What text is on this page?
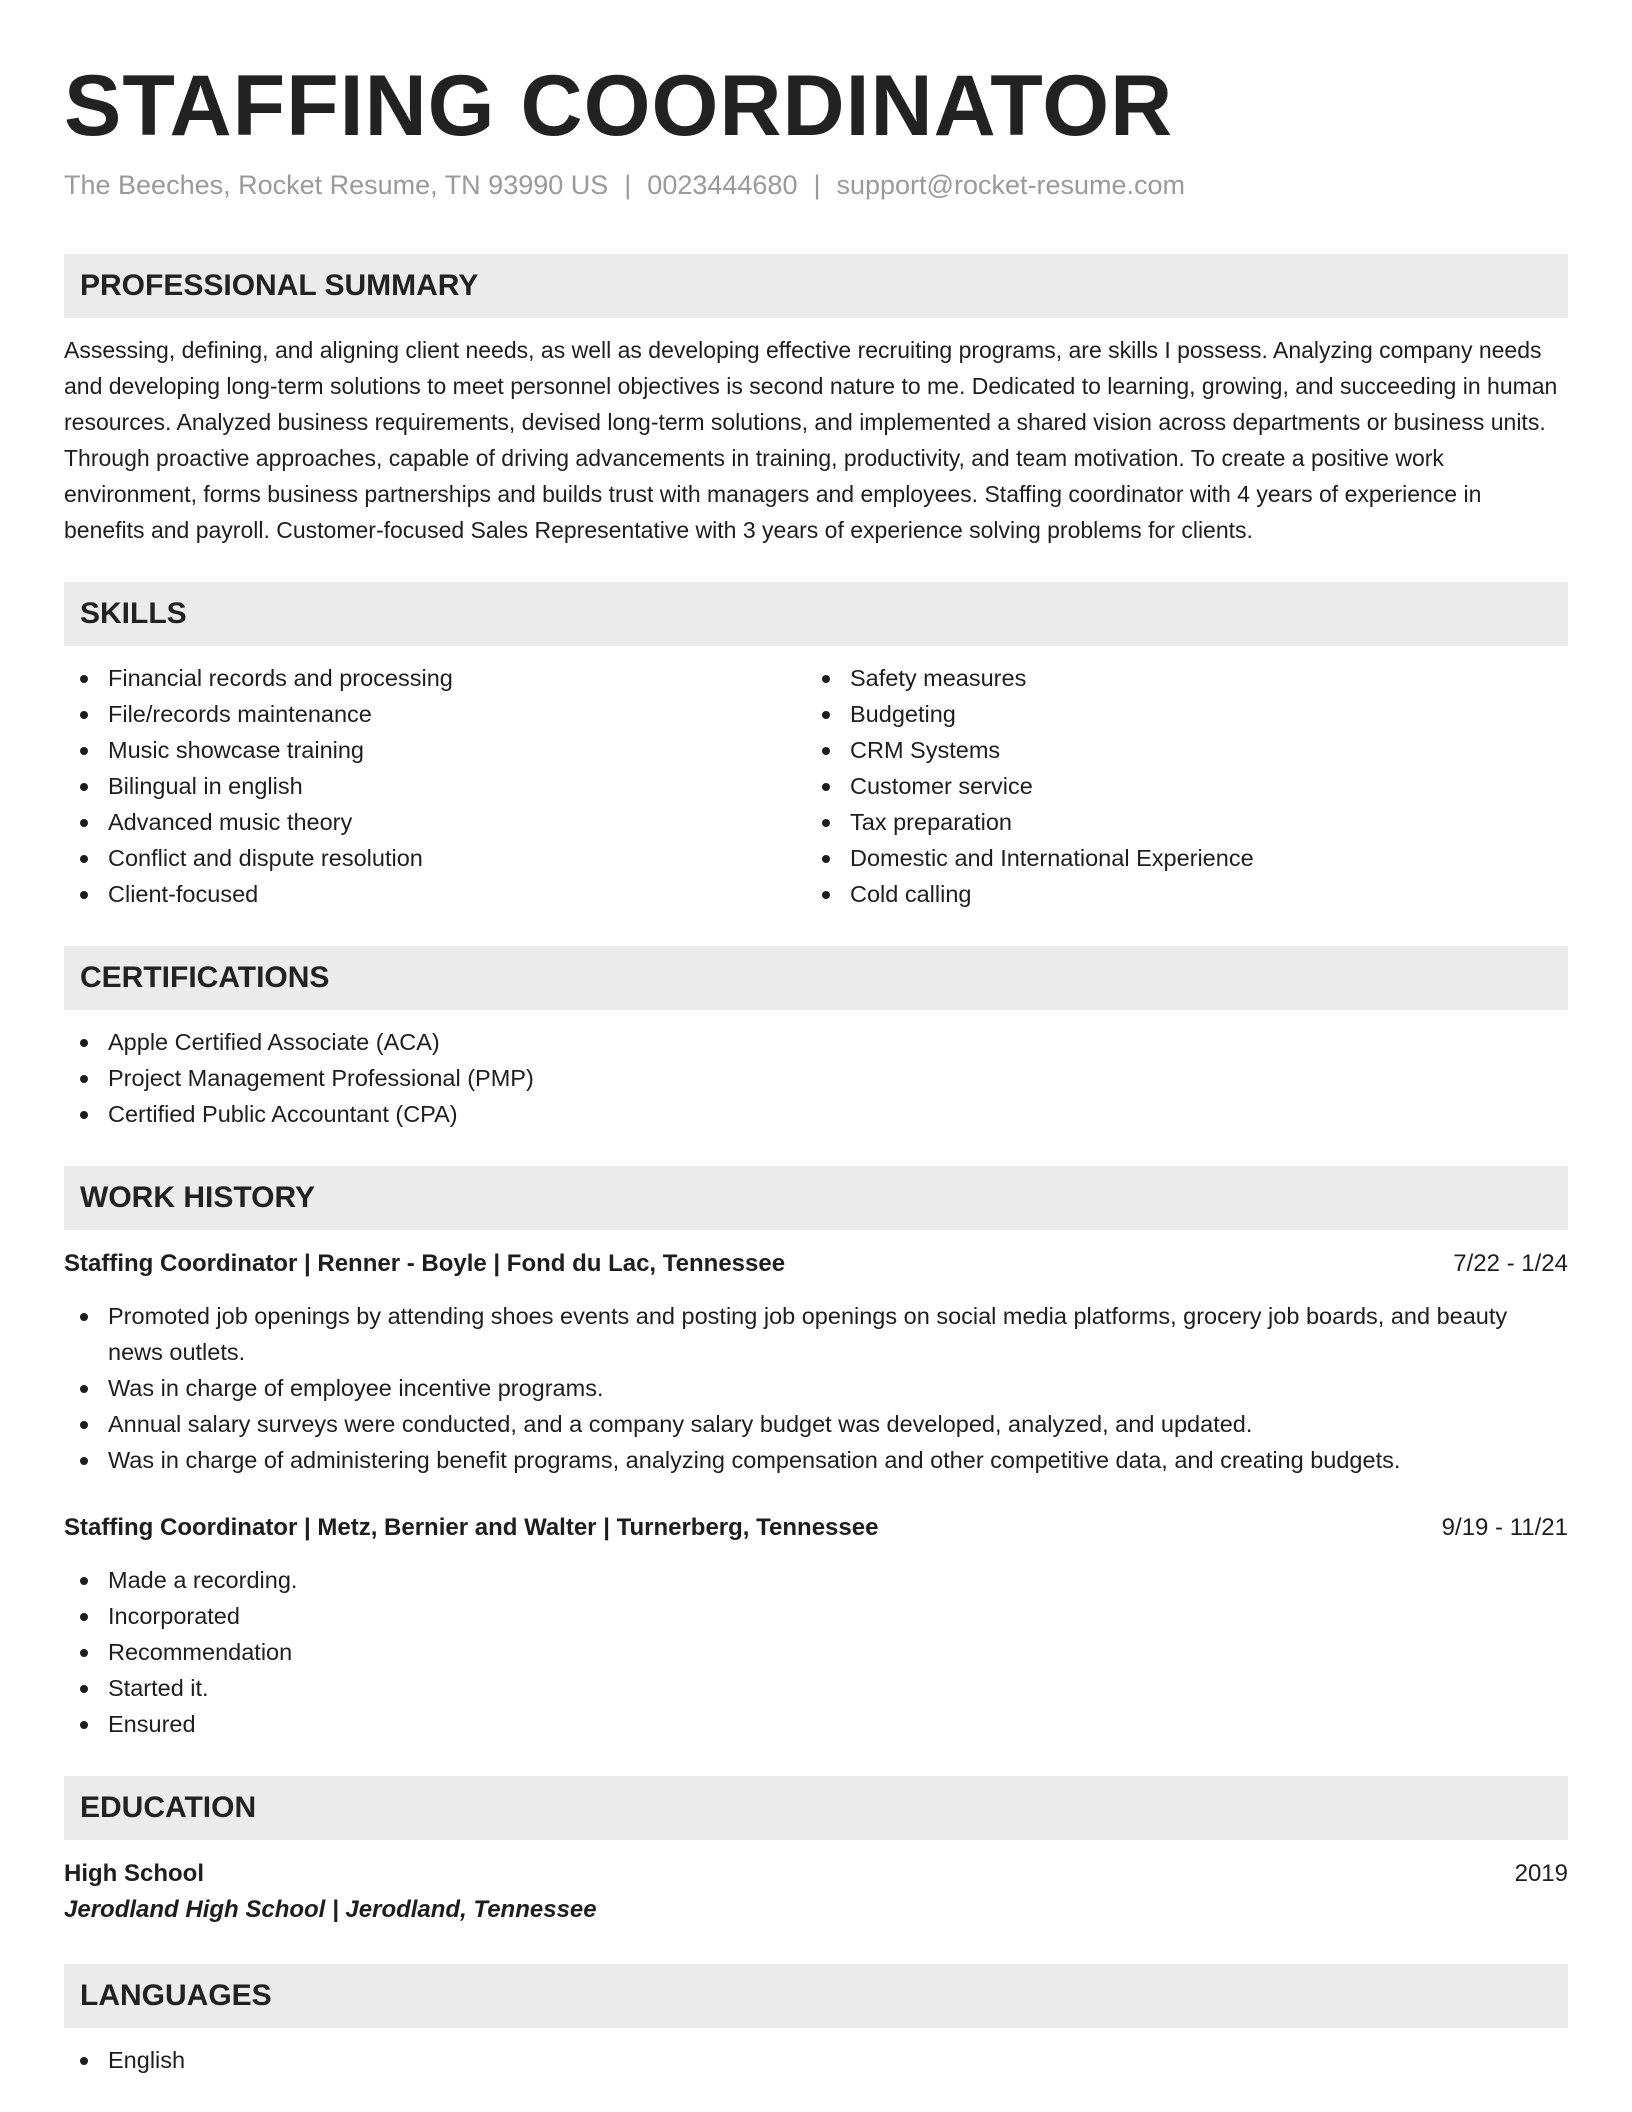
STAFFING COORDINATOR
The Beeches, Rocket Resume, TN 93990 US | 0023444680 | support@rocket-resume.com
PROFESSIONAL SUMMARY

Assessing, defining, and aligning client needs, as well as developing effective recruiting programs, are skills I possess. Analyzing company needs and developing long-term solutions to meet personnel objectives is second nature to me. Dedicated to learning, growing, and succeeding in human resources. Analyzed business requirements, devised long-term solutions, and implemented a shared vision across departments or business units. Through proactive approaches, capable of driving advancements in training, productivity, and team motivation. To create a positive work environment, forms business partnerships and builds trust with managers and employees. Staffing coordinator with 4 years of experience in benefits and payroll. Customer-focused Sales Representative with 3 years of experience solving problems for clients.

SKILLS
Financial records and processing
File/records maintenance
Music showcase training
Bilingual in english
Advanced music theory
Conflict and dispute resolution
Client-focused
Safety measures
Budgeting
CRM Systems
Customer service
Tax preparation
Domestic and International Experience
Cold calling
CERTIFICATIONS
Apple Certified Associate (ACA)
Project Management Professional (PMP)
Certified Public Accountant (CPA)
WORK HISTORY
Staffing Coordinator | Renner - Boyle | Fond du Lac, Tennessee	7/22 - 1/24
Promoted job openings by attending shoes events and posting job openings on social media platforms, grocery job boards, and beauty news outlets.
Was in charge of employee incentive programs.
Annual salary surveys were conducted, and a company salary budget was developed, analyzed, and updated.
Was in charge of administering benefit programs, analyzing compensation and other competitive data, and creating budgets.
Staffing Coordinator | Metz, Bernier and Walter | Turnerberg, Tennessee	9/19 - 11/21
Made a recording.
Incorporated
Recommendation
Started it.
Ensured
EDUCATION
High School	2019
Jerodland High School | Jerodland, Tennessee
LANGUAGES
English
